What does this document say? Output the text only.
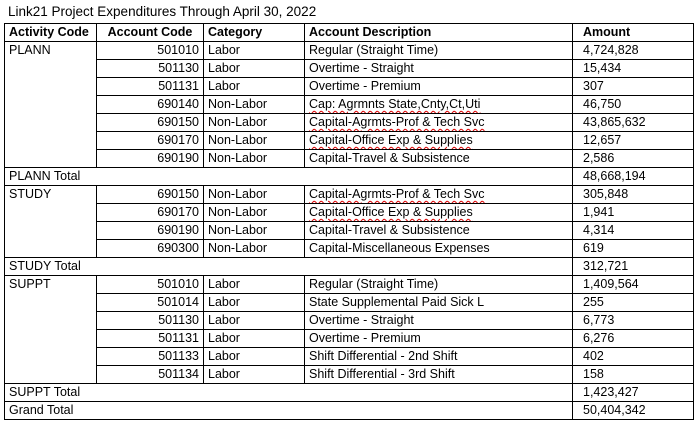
Link21 Project Expenditures Through April 30, 2022
Activity Code	Account Code	Category	Account Description	Amount
PLANN	501010	Labor	Regular (Straight Time)	4,724,828
	501130	Labor	Overtime - Straight	15,434
	501131	Labor	Overtime - Premium	307
	690140	Non-Labor	Cap: Agrmnts State,Cnty,Ct,Uti	46,750
	690150	Non-Labor	Capital-Agrmts-Prof & Tech Svc	43,865,632
	690170	Non-Labor	Capital-Office Exp & Supplies	12,657
	690190	Non-Labor	Capital-Travel & Subsistence	2,586
PLANN Total				48,668,194
STUDY	690150	Non-Labor	Capital-Agrmts-Prof & Tech Svc	305,848
	690170	Non-Labor	Capital-Office Exp & Supplies	1,941
	690190	Non-Labor	Capital-Travel & Subsistence	4,314
	690300	Non-Labor	Capital-Miscellaneous Expenses	619
STUDY Total				312,721
SUPPT	501010	Labor	Regular (Straight Time)	1,409,564
	501014	Labor	State Supplemental Paid Sick L	255
	501130	Labor	Overtime - Straight	6,773
	501131	Labor	Overtime - Premium	6,276
	501133	Labor	Shift Differential - 2nd Shift	402
	501134	Labor	Shift Differential - 3rd Shift	158
SUPPT Total				1,423,427
Grand Total				50,404,342
